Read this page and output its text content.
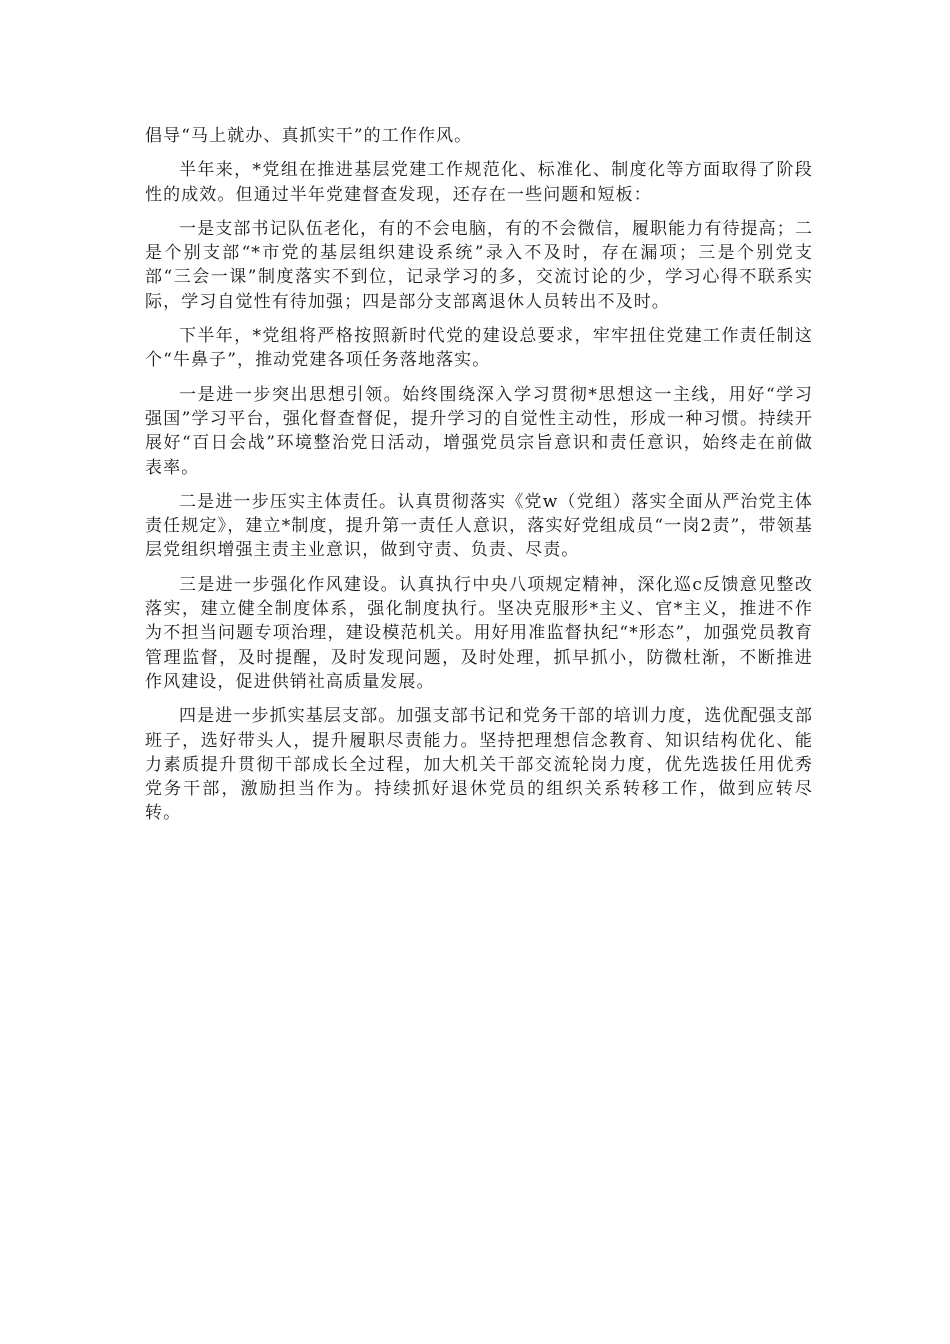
倡导“马上就办、真抓实干”的工作作风。

半年来，*党组在推进基层党建工作规范化、标准化、制度化等方面取得了阶段性的成效。但通过半年党建督查发现，还存在一些问题和短板：

一是支部书记队伍老化，有的不会电脑，有的不会微信，履职能力有待提高；二是个别支部“*市党的基层组织建设系统”录入不及时，存在漏项；三是个别党支部“三会一课”制度落实不到位，记录学习的多，交流讨论的少，学习心得不联系实际，学习自觉性有待加强；四是部分支部离退休人员转出不及时。

下半年，*党组将严格按照新时代党的建设总要求，牢牢扭住党建工作责任制这个“牛鼻子”，推动党建各项任务落地落实。

一是进一步突出思想引领。始终围绕深入学习贯彻*思想这一主线，用好“学习强国”学习平台，强化督查督促，提升学习的自觉性主动性，形成一种习惯。持续开展好“百日会战”环境整治党日活动，增强党员宗旨意识和责任意识，始终走在前做表率。

二是进一步压实主体责任。认真贯彻落实《党w（党组）落实全面从严治党主体责任规定》，建立*制度，提升第一责任人意识，落实好党组成员“一岗2责”，带领基层党组织增强主责主业意识，做到守责、负责、尽责。

三是进一步强化作风建设。认真执行中央八项规定精神，深化巡c反馈意见整改落实，建立健全制度体系，强化制度执行。坚决克服形*主义、官*主义，推进不作为不担当问题专项治理，建设模范机关。用好用准监督执纪“*形态”，加强党员教育管理监督，及时提醒，及时发现问题，及时处理，抓早抓小，防微杜渐，不断推进作风建设，促进供销社高质量发展。

四是进一步抓实基层支部。加强支部书记和党务干部的培训力度，选优配强支部班子，选好带头人，提升履职尽责能力。坚持把理想信念教育、知识结构优化、能力素质提升贯彻干部成长全过程，加大机关干部交流轮岗力度，优先选拔任用优秀党务干部，激励担当作为。持续抓好退休党员的组织关系转移工作，做到应转尽转。
